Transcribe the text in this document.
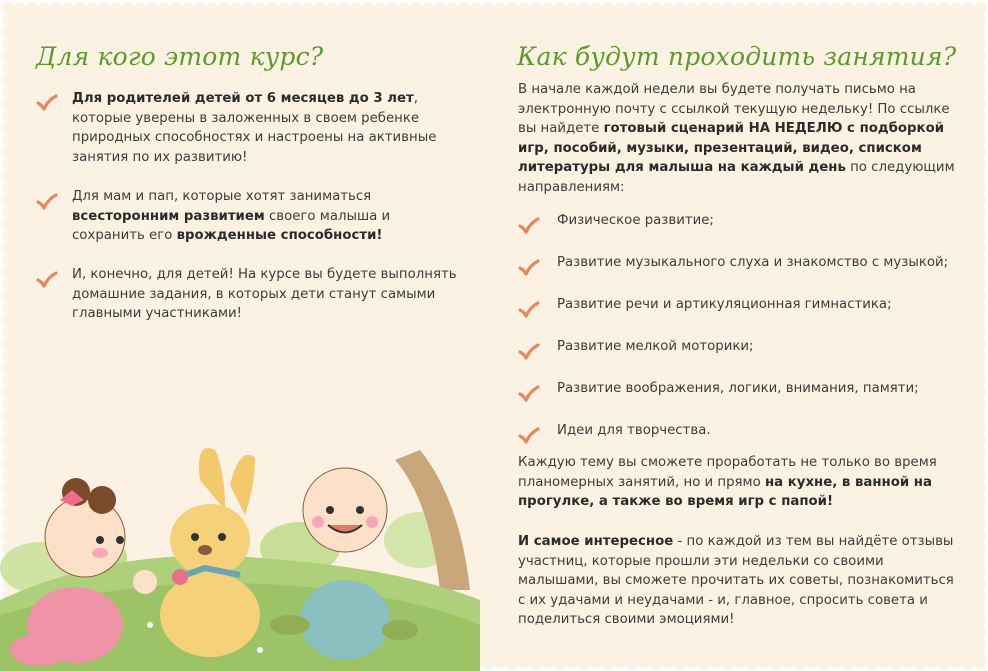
Для кого этот курс?
Для родителей детей от 6 месяцев до 3 лет, которые уверены в заложенных в своем ребенке природных способностях и настроены на активные занятия по их развитию!
Для мам и пап, которые хотят заниматься всесторонним развитием своего малыша и сохранить его врожденные способности!
И, конечно, для детей! На курсе вы будете выполнять домашние задания, в которых дети станут самыми главными участниками!
Как будут проходить занятия?
В начале каждой недели вы будете получать письмо на электронную почту с ссылкой текущую недельку! По ссылке вы найдете готовый сценарий НА НЕДЕЛЮ с подборкой игр, пособий, музыки, презентаций, видео, списком литературы для малыша на каждый день по следующим направлениям:
Физическое развитие;
Развитие музыкального слуха и знакомство с музыкой;
Развитие речи и артикуляционная гимнастика;
Развитие мелкой моторики;
Развитие воображения, логики, внимания, памяти;
Идеи для творчества.
Каждую тему вы сможете проработать не только во время планомерных занятий, но и прямо на кухне, в ванной на прогулке, а также во время игр с папой!
И самое интересное - по каждой из тем вы найдёте отзывы участниц, которые прошли эти недельки со своими малышами, вы сможете прочитать их советы, познакомиться с их удачами и неудачами - и, главное, спросить совета и поделиться своими эмоциями!
